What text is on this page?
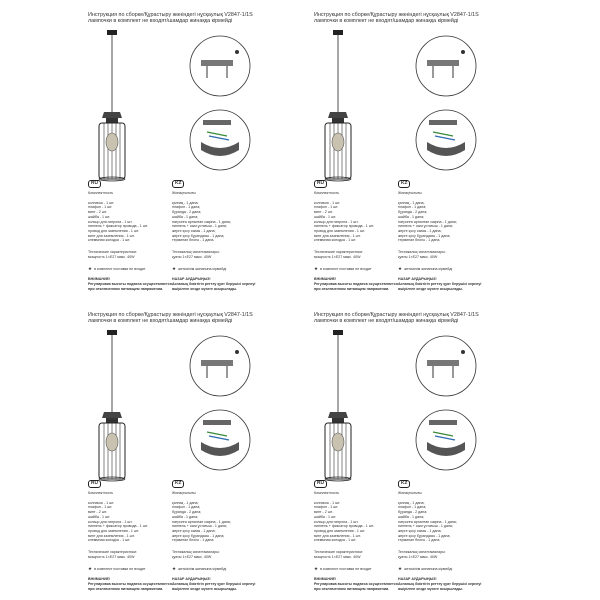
Инструкция по сборке/Құрастыру жөніндегі нұсқаулық V2847-1/1S
лампочки в комплект не входят/шамдар жинаққа кірмейді
RU
Комплектность
колпачок - 1 шт.
плафон - 1 шт.
винт - 2 шт.
шайба - 1 шт.
кольцо для патрона - 1 шт.
ниппель + фиксатор провода - 1 шт.
провод для заземления - 1 шт.
винт для заземления - 1 шт.
клеммная колодка - 1 шт.
Технические характеристики:
мощность 1×Е27 макс. 40W
★ в комплект поставки не входит
ВНИМАНИЕ!
Регулировка высоты подвеса осуществляется
при отключенном питающем напряжении.
KZ
Жинақтылығы
қалпақ - 1 дана;
плафон - 1 дана;
бұранда - 2 дана;
шайба - 1 дана;
патронға арналған сақина - 1 дана;
ниппель + сым ұстағыш - 1 дана;
жерге қосу сымы - 1 дана;
жерге қосу бұрандасы - 1 дана;
терминал блогы - 1 дана.
Техникалық сипаттамалары:
қуаты 1×Е27 макс. 40W
★ жеткізілім жинағына кірмейді
НАЗАР АУДАРЫҢЫЗ!
Аспаның биіктігін реттеу қуат берушісі кернеуі
өшірілген кезде жүзеге асырылады.
Инструкция по сборке/Құрастыру жөніндегі нұсқаулық V2847-1/1S
лампочки в комплект не входят/шамдар жинаққа кірмейді
RU
Комплектность
колпачок - 1 шт.
плафон - 1 шт.
винт - 2 шт.
шайба - 1 шт.
кольцо для патрона - 1 шт.
ниппель + фиксатор провода - 1 шт.
провод для заземления - 1 шт.
винт для заземления - 1 шт.
клеммная колодка - 1 шт.
Технические характеристики:
мощность 1×Е27 макс. 40W
★ в комплект поставки не входит
ВНИМАНИЕ!
Регулировка высоты подвеса осуществляется
при отключенном питающем напряжении.
KZ
Жинақтылығы
қалпақ - 1 дана;
плафон - 1 дана;
бұранда - 2 дана;
шайба - 1 дана;
патронға арналған сақина - 1 дана;
ниппель + сым ұстағыш - 1 дана;
жерге қосу сымы - 1 дана;
жерге қосу бұрандасы - 1 дана;
терминал блогы - 1 дана.
Техникалық сипаттамалары:
қуаты 1×Е27 макс. 40W
★ жеткізілім жинағына кірмейді
НАЗАР АУДАРЫҢЫЗ!
Аспаның биіктігін реттеу қуат берушісі кернеуі
өшірілген кезде жүзеге асырылады.
Инструкция по сборке/Құрастыру жөніндегі нұсқаулық V2847-1/1S
лампочки в комплект не входят/шамдар жинаққа кірмейді
RU
Комплектность
колпачок - 1 шт.
плафон - 1 шт.
винт - 2 шт.
шайба - 1 шт.
кольцо для патрона - 1 шт.
ниппель + фиксатор провода - 1 шт.
провод для заземления - 1 шт.
винт для заземления - 1 шт.
клеммная колодка - 1 шт.
Технические характеристики:
мощность 1×Е27 макс. 40W
★ в комплект поставки не входит
ВНИМАНИЕ!
Регулировка высоты подвеса осуществляется
при отключенном питающем напряжении.
KZ
Жинақтылығы
қалпақ - 1 дана;
плафон - 1 дана;
бұранда - 2 дана;
шайба - 1 дана;
патронға арналған сақина - 1 дана;
ниппель + сым ұстағыш - 1 дана;
жерге қосу сымы - 1 дана;
жерге қосу бұрандасы - 1 дана;
терминал блогы - 1 дана.
Техникалық сипаттамалары:
қуаты 1×Е27 макс. 40W
★ жеткізілім жинағына кірмейді
НАЗАР АУДАРЫҢЫЗ!
Аспаның биіктігін реттеу қуат берушісі кернеуі
өшірілген кезде жүзеге асырылады.
Инструкция по сборке/Құрастыру жөніндегі нұсқаулық V2847-1/1S
лампочки в комплект не входят/шамдар жинаққа кірмейді
RU
Комплектность
колпачок - 1 шт.
плафон - 1 шт.
винт - 2 шт.
шайба - 1 шт.
кольцо для патрона - 1 шт.
ниппель + фиксатор провода - 1 шт.
провод для заземления - 1 шт.
винт для заземления - 1 шт.
клеммная колодка - 1 шт.
Технические характеристики:
мощность 1×Е27 макс. 40W
★ в комплект поставки не входит
ВНИМАНИЕ!
Регулировка высоты подвеса осуществляется
при отключенном питающем напряжении.
KZ
Жинақтылығы
қалпақ - 1 дана;
плафон - 1 дана;
бұранда - 2 дана;
шайба - 1 дана;
патронға арналған сақина - 1 дана;
ниппель + сым ұстағыш - 1 дана;
жерге қосу сымы - 1 дана;
жерге қосу бұрандасы - 1 дана;
терминал блогы - 1 дана.
Техникалық сипаттамалары:
қуаты 1×Е27 макс. 40W
★ жеткізілім жинағына кірмейді
НАЗАР АУДАРЫҢЫЗ!
Аспаның биіктігін реттеу қуат берушісі кернеуі
өшірілген кезде жүзеге асырылады.
